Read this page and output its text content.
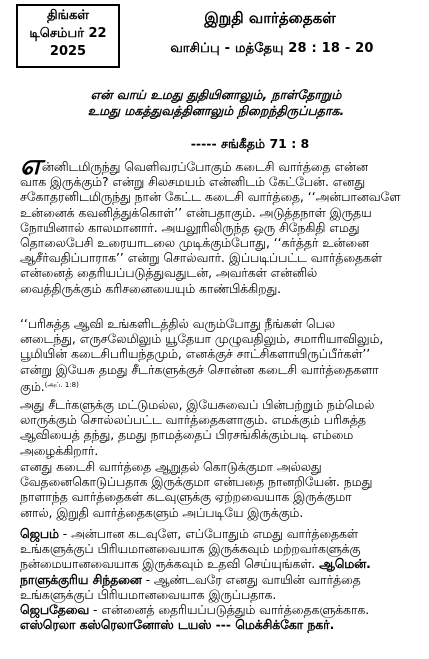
திங்கள்
டிசெம்பர் 22
2025
இறுதி வார்த்தைகள்
வாசிப்பு - மத்தேயு 28 : 18 - 20
என் வாய் உமது துதியினாலும், நாள்தோறும்
உமது மகத்துவத்தினாலும் நிறைந்திருப்பதாக.
----- சங்கீதம் 71 : 8
என்னிடமிருந்து வெளிவரப்போகும் கடைசி வார்த்தை என்ன
வாக இருக்கும்? என்று சிலசமயம் என்னிடம் கேட்பேன். எனது
சகோதரனிடமிருந்து நான் கேட்ட கடைசி வார்த்தை, ‘‘அன்பானவளே
உன்னைக் கவனித்துக்கொள்’’ என்பதாகும். அடுத்தநாள் இருதய
நோயினால் காலமானார். அயலூரிலிருந்த ஒரு சிநேகிதி எமது
தொலைபேசி உரையாடலை முடிக்கும்போது, ‘‘கர்த்தர் உன்னை
ஆசீர்வதிப்பாராக’’ என்று சொல்வார். இப்படிப்பட்ட வார்த்தைகள்
என்னைத் தைரியப்படுத்துவதுடன், அவர்கள் என்னில்
வைத்திருக்கும் கரிசனையையும் காண்பிக்கிறது.
‘‘பரிசுத்த ஆவி உங்களிடத்தில் வரும்போது நீங்கள் பெல
னடைந்து, எருசலேமிலும் யூதேயா முழுவதிலும், சமாரியாவிலும்,
பூமியின் கடைசிபரியந்தமும், எனக்குச் சாட்சிகளாயிருப்பீர்கள்’’
என்று இயேசு தமது சீடர்களுக்குச் சொன்ன கடைசி வார்த்தைகளா
கும்.$^{(அப். 1:8)}$
அது சீடர்களுக்கு மட்டுமல்ல, இயேசுவைப் பின்பற்றும் நம்மெல்
லாருக்கும் சொல்லப்பட்ட வார்த்தைகளாகும். எமக்கும் பரிசுத்த
ஆவியைத் தந்து, தமது நாமத்தைப் பிரசங்கிக்கும்படி எம்மை
அழைக்கிறார்.
எனது கடைசி வார்த்தை ஆறுதல் கொடுக்குமா அல்லது
வேதனைகொடுப்பதாக இருக்குமா என்பதை நானறியேன். நமது
நாளாந்த வார்த்தைகள் கடவுளுக்கு ஏற்றவையாக இருக்குமா
னால், இறுதி வார்த்தைகளும் அப்படியே இருக்கும்.
ஜெபம் - அன்பான கடவுளே, எப்போதும் எமது வார்த்தைகள்
உங்களுக்குப் பிரியமானவையாக இருக்கவும் மற்றவர்களுக்கு
நன்மையானவையாக இருக்கவும் உதவி செய்யுங்கள். ஆமென்.
நாளுக்குரிய சிந்தனை - ஆண்டவரே எனது வாயின் வார்த்தை
உங்களுக்குப் பிரியமானவையாக இருப்பதாக.
ஜெபதேவை - என்னைத் தைரியப்படுத்தும் வார்த்தைகளுக்காக.
எஸ்ரெலா கஸ்ரெலானோஸ் டயஸ் --- மெக்சிக்கோ நகர்.
